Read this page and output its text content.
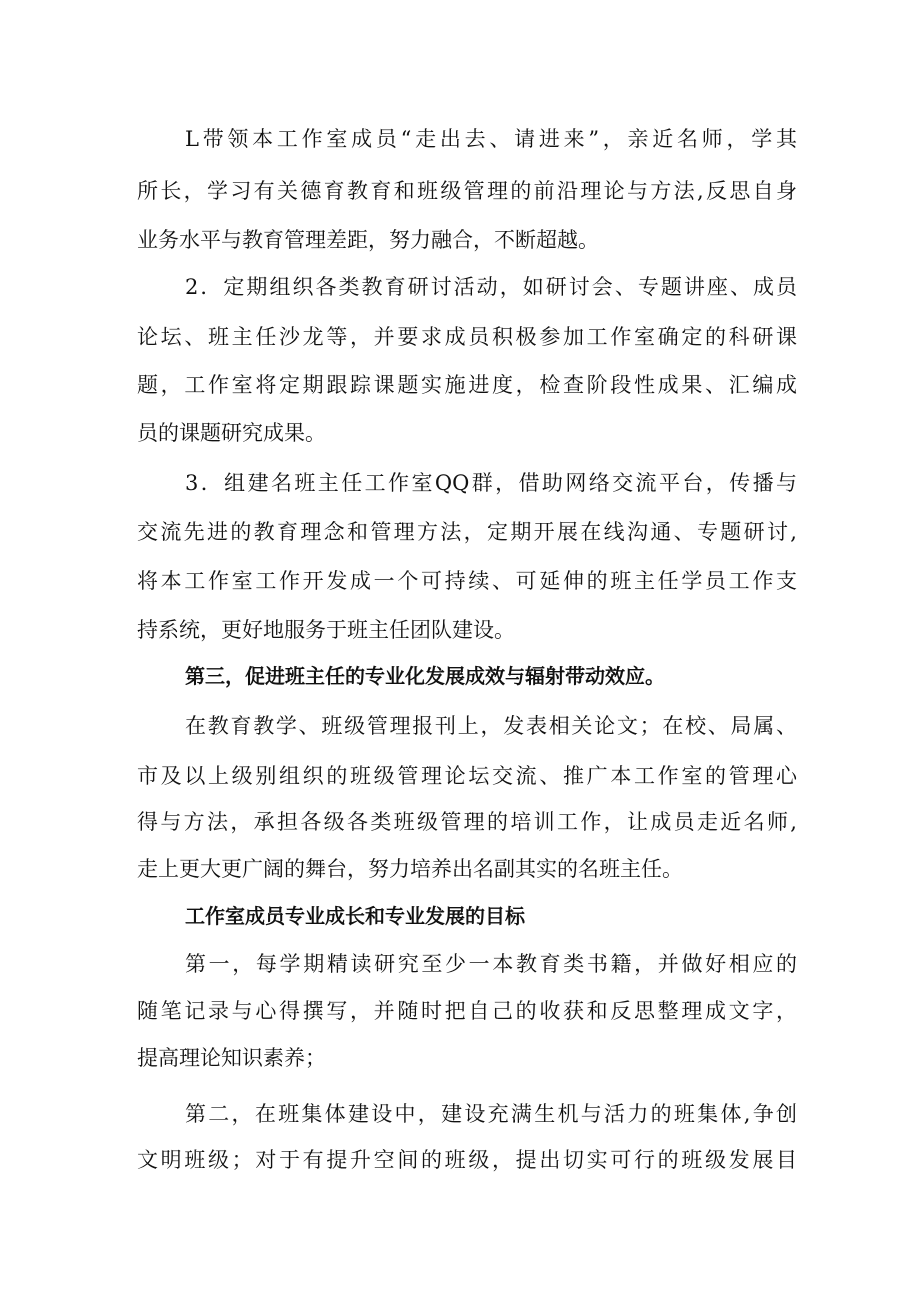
L带领本工作室成员“走出去、请进来”，亲近名师，学其
所长，学习有关德育教育和班级管理的前沿理论与方法,反思自身
业务水平与教育管理差距，努力融合，不断超越。
2．定期组织各类教育研讨活动，如研讨会、专题讲座、成员
论坛、班主任沙龙等，并要求成员积极参加工作室确定的科研课
题，工作室将定期跟踪课题实施进度，检查阶段性成果、汇编成
员的课题研究成果。
3．组建名班主任工作室QQ群，借助网络交流平台，传播与
交流先进的教育理念和管理方法，定期开展在线沟通、专题研讨,
将本工作室工作开发成一个可持续、可延伸的班主任学员工作支
持系统，更好地服务于班主任团队建设。
第三，促进班主任的专业化发展成效与辐射带动效应。
在教育教学、班级管理报刊上，发表相关论文；在校、局属、
市及以上级别组织的班级管理论坛交流、推广本工作室的管理心
得与方法，承担各级各类班级管理的培训工作，让成员走近名师,
走上更大更广阔的舞台，努力培养出名副其实的名班主任。
工作室成员专业成长和专业发展的目标
第一，每学期精读研究至少一本教育类书籍，并做好相应的
随笔记录与心得撰写，并随时把自己的收获和反思整理成文字，
提高理论知识素养；
第二，在班集体建设中，建设充满生机与活力的班集体,争创
文明班级；对于有提升空间的班级，提出切实可行的班级发展目
